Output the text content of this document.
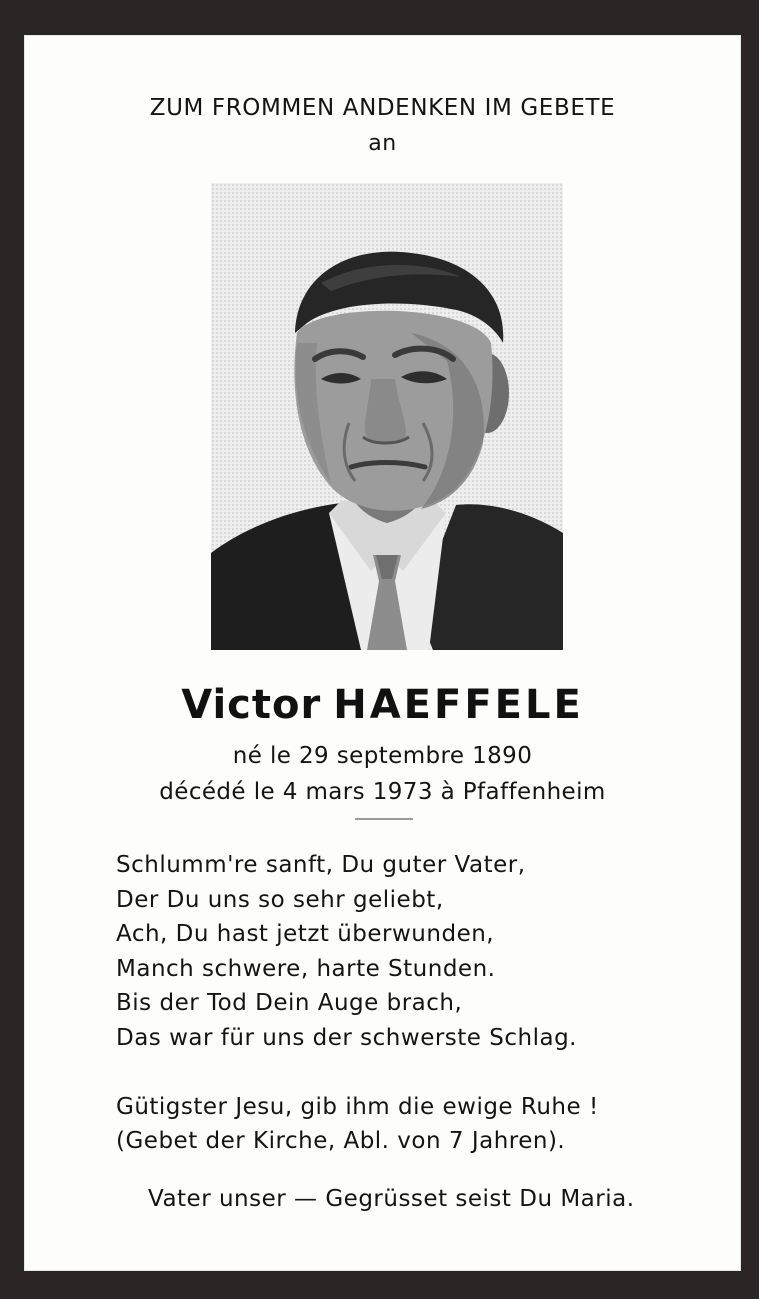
ZUM FROMMEN ANDENKEN IM GEBETE
an
Victor HAEFFELE
né le 29 septembre 1890
décédé le 4 mars 1973 à Pfaffenheim
Schlumm're sanft, Du guter Vater,
Der Du uns so sehr geliebt,
Ach, Du hast jetzt überwunden,
Manch schwere, harte Stunden.
Bis der Tod Dein Auge brach,
Das war für uns der schwerste Schlag.
Gütigster Jesu, gib ihm die ewige Ruhe !
(Gebet der Kirche, Abl. von 7 Jahren).
Vater unser — Gegrüsset seist Du Maria.
